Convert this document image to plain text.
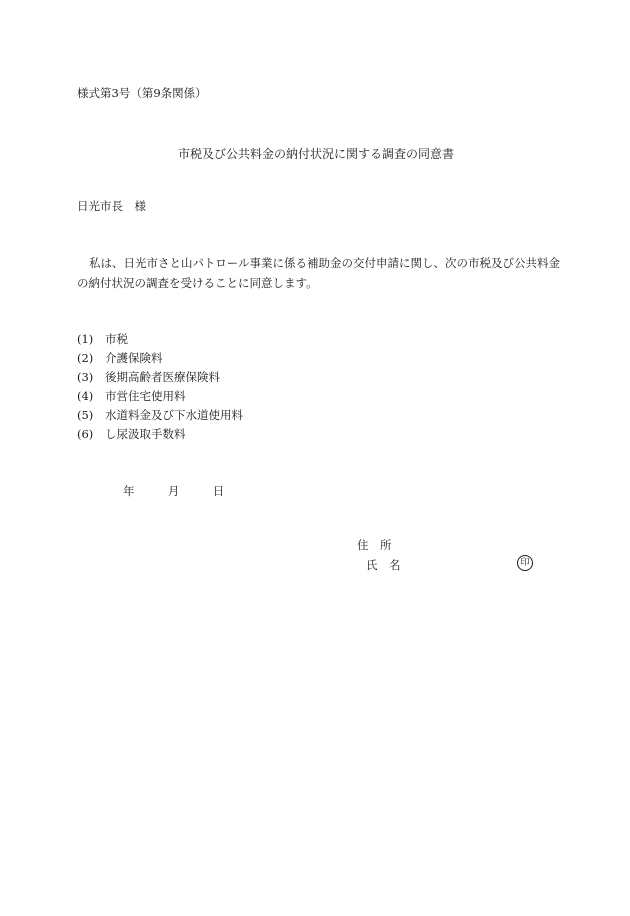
様式第3号（第9条関係）
市税及び公共料金の納付状況に関する調査の同意書
日光市長　様
私は、日光市さと山パトロール事業に係る補助金の交付申請に関し、次の市税及び公共料金の納付状況の調査を受けることに同意します。
(1)	市税
(2)	介護保険料
(3)	後期高齢者医療保険料
(4)	市営住宅使用料
(5)	水道料金及び下水道使用料
(6)	し尿汲取手数料
年	月	日
住　所
氏　名	印
